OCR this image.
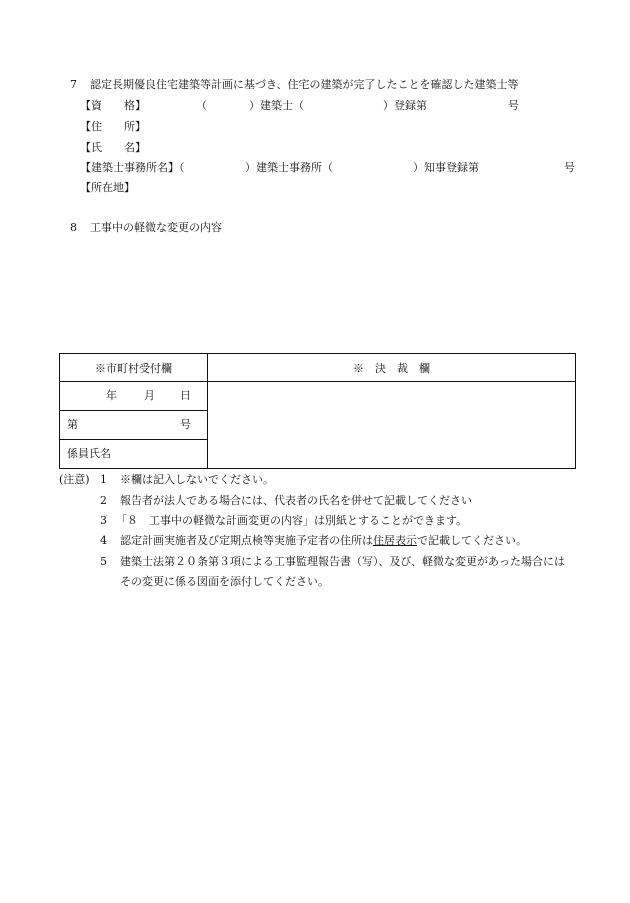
7 認定長期優良住宅建築等計画に基づき、住宅の建築が完了したことを確認した建築士等
【資　　格】	（	）建築士（	）登録第	号
【住　　所】
【氏　　名】
【建築士事務所名】（	）建築士事務所（	）知事登録第	号
【所在地】
8 工事中の軽微な変更の内容
※市町村受付欄	※　決　裁　欄

年 月 日	

第 号	

係員氏名	
(注意) 1 ※欄は記入しないでください。
2 報告者が法人である場合には、代表者の氏名を併せて記載してください
3 「８　工事中の軽微な計画変更の内容」は別紙とすることができます。
4 認定計画実施者及び定期点検等実施予定者の住所は住居表示で記載してください。
5 建築士法第２０条第３項による工事監理報告書（写）、及び、軽微な変更があった場合には
その変更に係る図面を添付してください。
